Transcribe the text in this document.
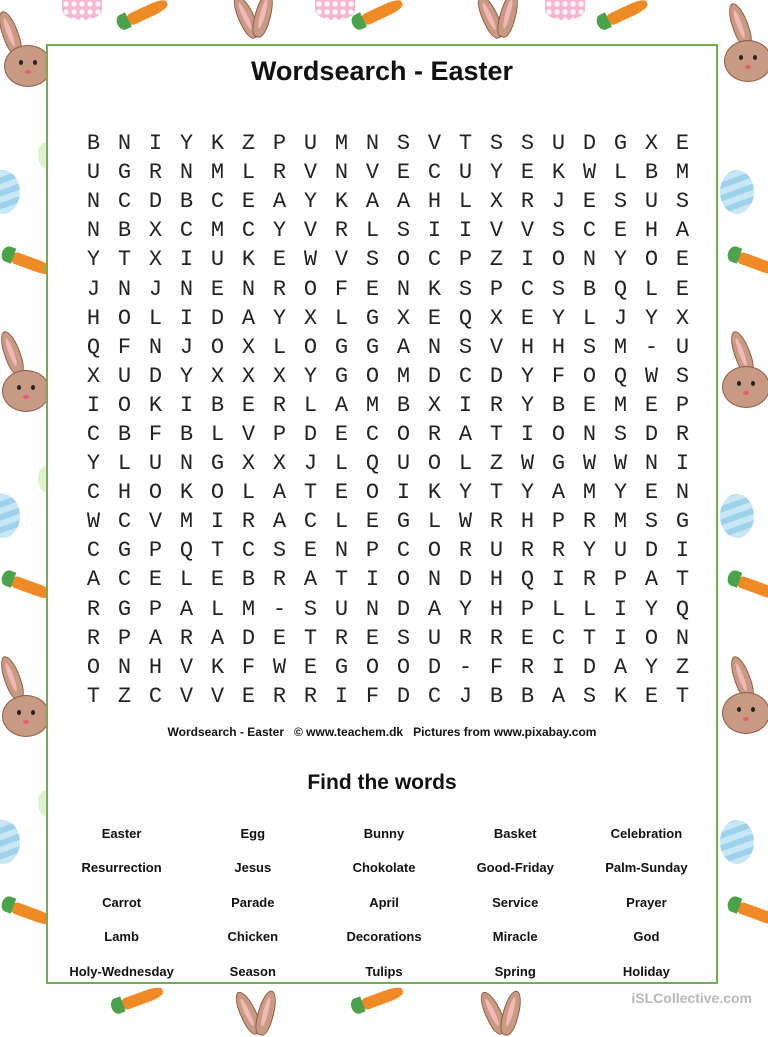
Wordsearch - Easter
B N I Y K Z P U M N S V T S S U D G X E
U G R N M L R V N V E C U Y E K W L B M
N C D B C E A Y K A A H L X R J E S U S
N B X C M C Y V R L S I I V V S C E H A
Y T X I U K E W V S O C P Z I O N Y O E
J N J N E N R O F E N K S P C S B Q L E
H O L I D A Y X L G X E Q X E Y L J Y X
Q F N J O X L O G G A N S V H H S M - U
X U D Y X X X Y G O M D C D Y F O Q W S
I O K I B E R L A M B X I R Y B E M E P
C B F B L V P D E C O R A T I O N S D R
Y L U N G X X J L Q U O L Z W G W W N I
C H O K O L A T E O I K Y T Y A M Y E N
W C V M I R A C L E G L W R H P R M S G
C G P Q T C S E N P C O R U R R Y U D I
A C E L E B R A T I O N D H Q I R P A T
R G P A L M - S U N D A Y H P L L I Y Q
R P A R A D E T R E S U R R E C T I O N
O N H V K F W E G O O D - F R I D A Y Z
T Z C V V E R R I F D C J B B A S K E T
Wordsearch - Easter   © www.teachem.dk   Pictures from www.pixabay.com
Find the words
Easter	Egg	Bunny	Basket	Celebration
Resurrection	Jesus	Chokolate	Good-Friday	Palm-Sunday
Carrot	Parade	April	Service	Prayer
Lamb	Chicken	Decorations	Miracle	God
Holy-Wednesday	Season	Tulips	Spring	Holiday
iSLCollective.com
